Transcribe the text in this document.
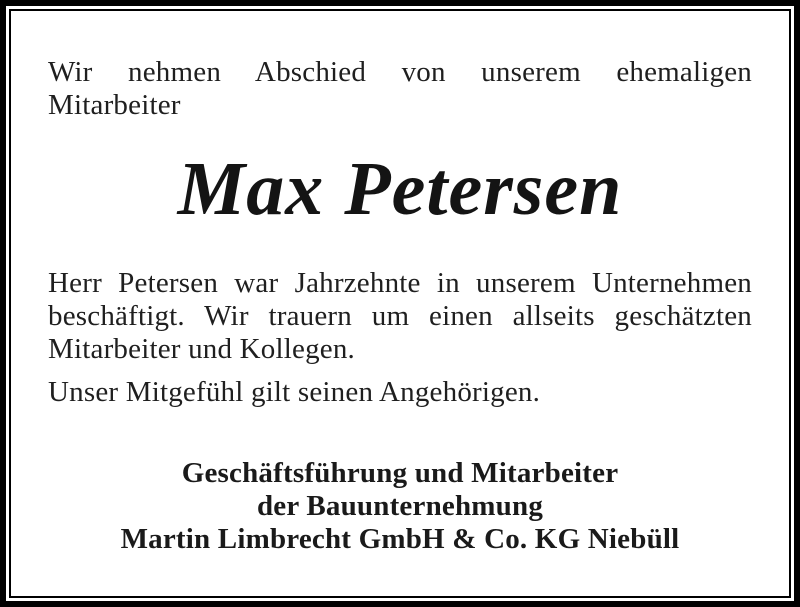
Wir nehmen Abschied von unserem ehemaligen
Mitarbeiter
Max Petersen
Herr Petersen war Jahrzehnte in unserem Unternehmen
beschäftigt. Wir trauern um einen allseits geschätzten
Mitarbeiter und Kollegen.
Unser Mitgefühl gilt seinen Angehörigen.
Geschäftsführung und Mitarbeiter
der Bauunternehmung
Martin Limbrecht GmbH & Co. KG Niebüll
